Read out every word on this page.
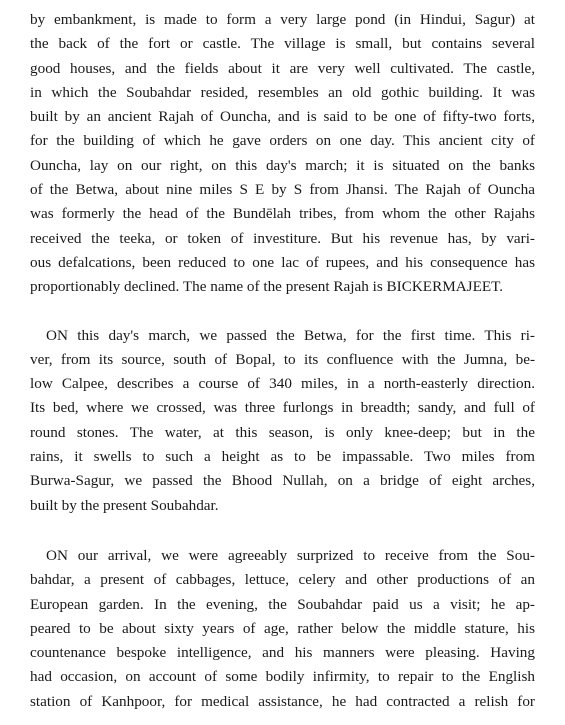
by embankment, is made to form a very large pond (in Hindui, Sagur) at
the back of the fort or castle. The village is small, but contains several
good houses, and the fields about it are very well cultivated. The castle,
in which the Soubahdar resided, resembles an old gothic building. It was
built by an ancient Rajah of Ouncha, and is said to be one of fifty-two forts,
for the building of which he gave orders on one day. This ancient city of
Ouncha, lay on our right, on this day's march; it is situated on the banks
of the Betwa, about nine miles S E by S from Jhansi. The Rajah of Ouncha
was formerly the head of the Bundēlah tribes, from whom the other Rajahs
received the teeka, or token of investiture. But his revenue has, by vari-
ous defalcations, been reduced to one lac of rupees, and his consequence has
proportionably declined. The name of the present Rajah is BICKERMAJEET.
ON this day's march, we passed the Betwa, for the first time. This ri-
ver, from its source, south of Bopal, to its confluence with the Jumna, be-
low Calpee, describes a course of 340 miles, in a north-easterly direction.
Its bed, where we crossed, was three furlongs in breadth; sandy, and full of
round stones. The water, at this season, is only knee-deep; but in the
rains, it swells to such a height as to be impassable. Two miles from
Burwa-Sagur, we passed the Bhood Nullah, on a bridge of eight arches,
built by the present Soubahdar.
ON our arrival, we were agreeably surprized to receive from the Sou-
bahdar, a present of cabbages, lettuce, celery and other productions of an
European garden. In the evening, the Soubahdar paid us a visit; he ap-
peared to be about sixty years of age, rather below the middle stature, his
countenance bespoke intelligence, and his manners were pleasing. Having
had occasion, on account of some bodily infirmity, to repair to the English
station of Kanhpoor, for medical assistance, he had contracted a relish for
